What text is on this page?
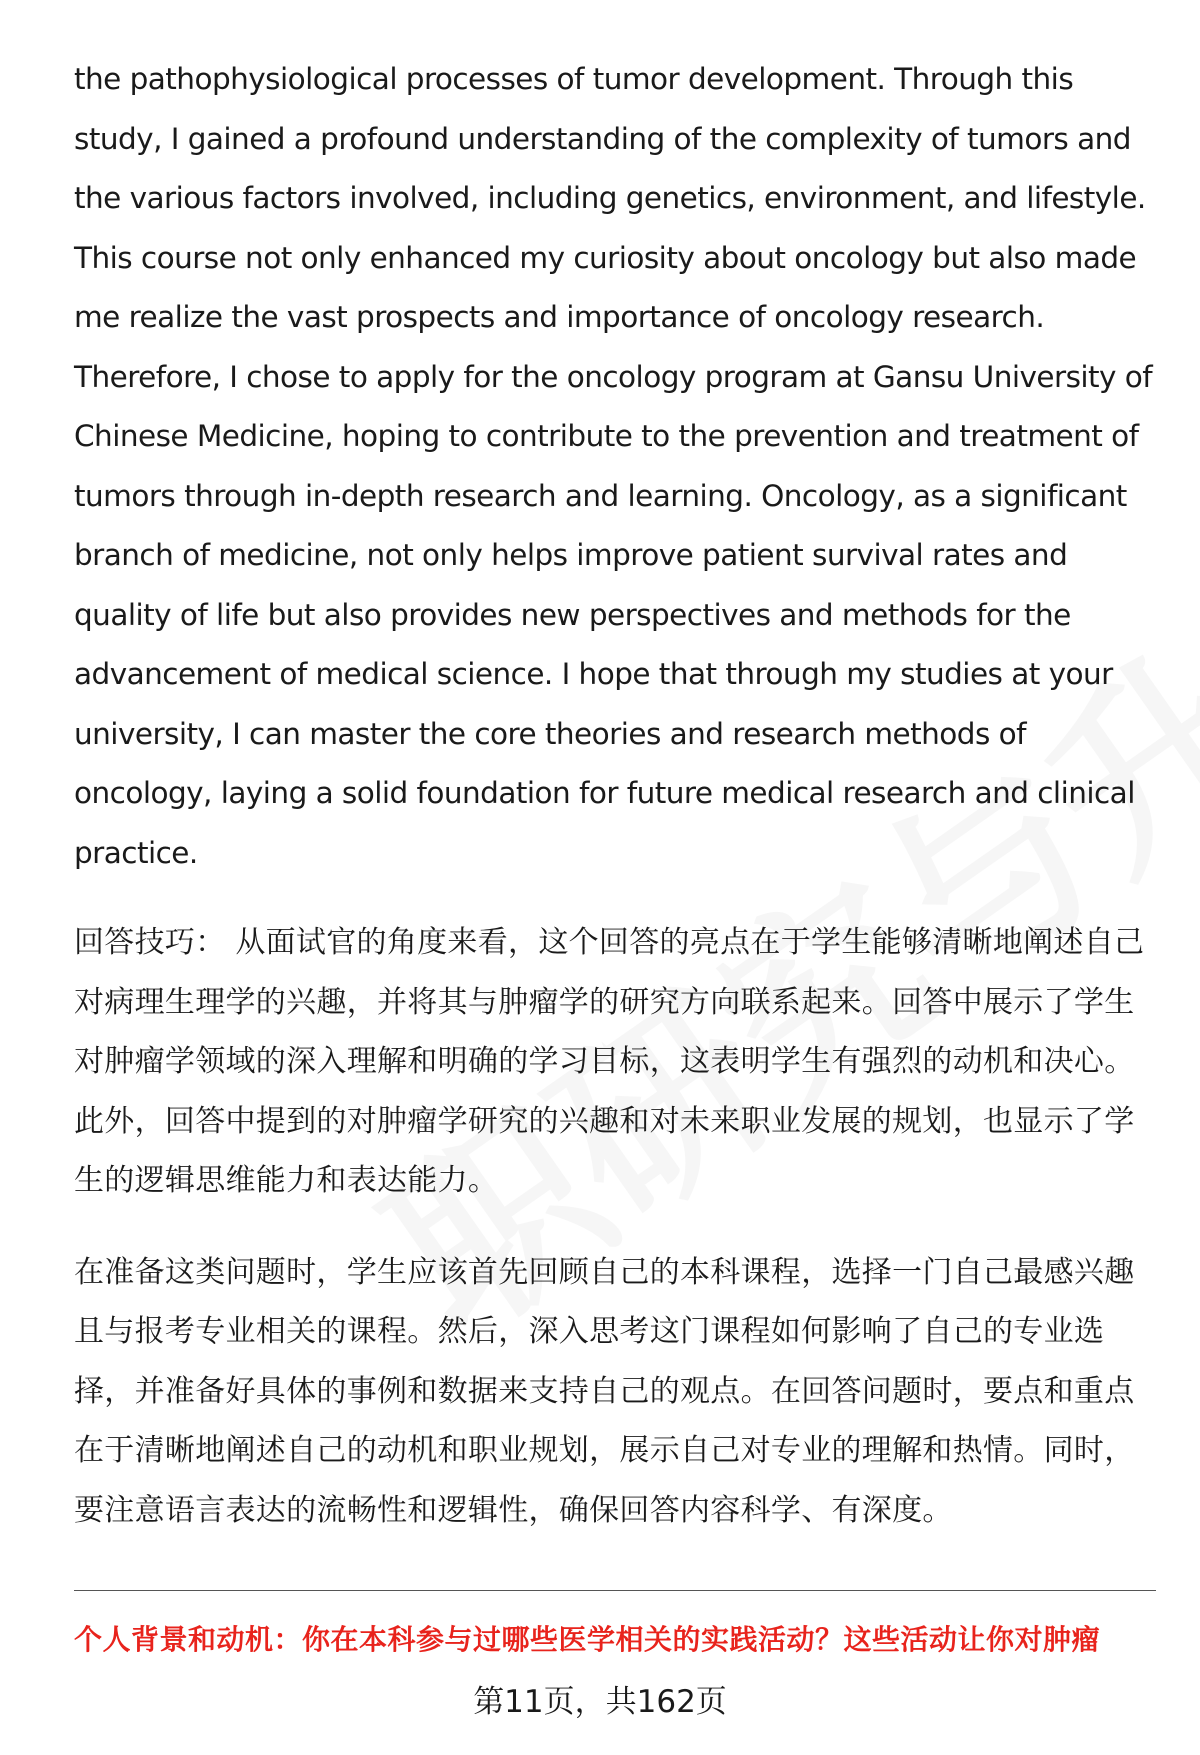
the pathophysiological processes of tumor development. Through this study, I gained a profound understanding of the complexity of tumors and the various factors involved, including genetics, environment, and lifestyle. This course not only enhanced my curiosity about oncology but also made me realize the vast prospects and importance of oncology research. Therefore, I chose to apply for the oncology program at Gansu University of Chinese Medicine, hoping to contribute to the prevention and treatment of tumors through in-depth research and learning. Oncology, as a significant branch of medicine, not only helps improve patient survival rates and quality of life but also provides new perspectives and methods for the advancement of medical science. I hope that through my studies at your university, I can master the core theories and research methods of oncology, laying a solid foundation for future medical research and clinical practice.

回答技巧： 从面试官的角度来看，这个回答的亮点在于学生能够清晰地阐述自己对病理生理学的兴趣，并将其与肿瘤学的研究方向联系起来。回答中展示了学生对肿瘤学领域的深入理解和明确的学习目标，这表明学生有强烈的动机和决心。此外，回答中提到的对肿瘤学研究的兴趣和对未来职业发展的规划，也显示了学生的逻辑思维能力和表达能力。

在准备这类问题时，学生应该首先回顾自己的本科课程，选择一门自己最感兴趣且与报考专业相关的课程。然后，深入思考这门课程如何影响了自己的专业选择，并准备好具体的事例和数据来支持自己的观点。在回答问题时，要点和重点在于清晰地阐述自己的动机和职业规划，展示自己对专业的理解和热情。同时，要注意语言表达的流畅性和逻辑性，确保回答内容科学、有深度。

个人背景和动机：你在本科参与过哪些医学相关的实践活动？这些活动让你对肿瘤
第11页，共162页
